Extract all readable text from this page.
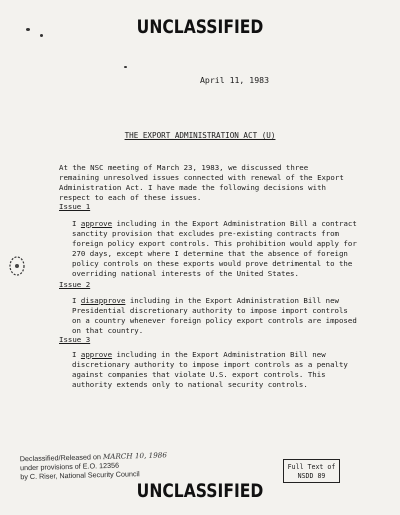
UNCLASSIFIED
April 11, 1983
THE EXPORT ADMINISTRATION ACT (U)

At the NSC meeting of March 23, 1983, we discussed three remaining unresolved issues connected with renewal of the Export Administration Act. I have made the following decisions with respect to each of these issues.

Issue 1

I approve including in the Export Administration Bill a contract sanctity provision that excludes pre-existing contracts from foreign policy export controls. This prohibition would apply for 270 days, except where I determine that the absence of foreign policy controls on these exports would prove detrimental to the overriding national interests of the United States.

Issue 2

I disapprove including in the Export Administration Bill new Presidential discretionary authority to impose import controls on a country whenever foreign policy export controls are imposed on that country.

Issue 3

I approve including in the Export Administration Bill new discretionary authority to impose import controls as a penalty against companies that violate U.S. export controls. This authority extends only to national security controls.

Declassified/Released on MARCH 10, 1986
under provisions of E.O. 12356
by C. Riser, National Security Council
Full Text of
NSDD 89
UNCLASSIFIED
